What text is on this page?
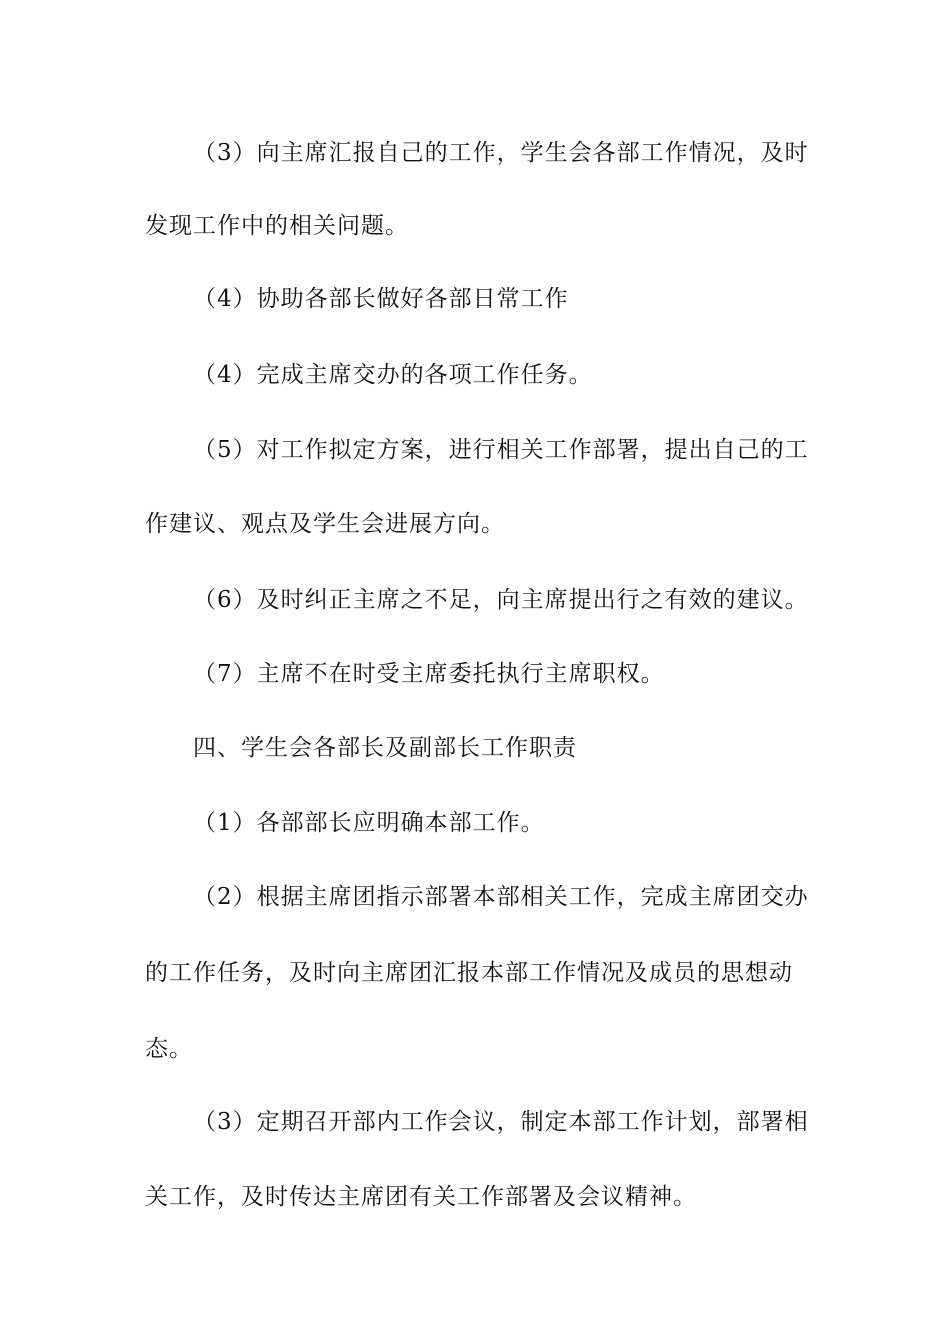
（3）向主席汇报自己的工作，学生会各部工作情况，及时
发现工作中的相关问题。
（4）协助各部长做好各部日常工作
（4）完成主席交办的各项工作任务。
（5）对工作拟定方案，进行相关工作部署，提出自己的工
作建议、观点及学生会进展方向。
（6）及时纠正主席之不足，向主席提出行之有效的建议。
（7）主席不在时受主席委托执行主席职权。
四、学生会各部长及副部长工作职责
（1）各部部长应明确本部工作。
（2）根据主席团指示部署本部相关工作，完成主席团交办
的工作任务，及时向主席团汇报本部工作情况及成员的思想动
态。
（3）定期召开部内工作会议，制定本部工作计划，部署相
关工作，及时传达主席团有关工作部署及会议精神。
